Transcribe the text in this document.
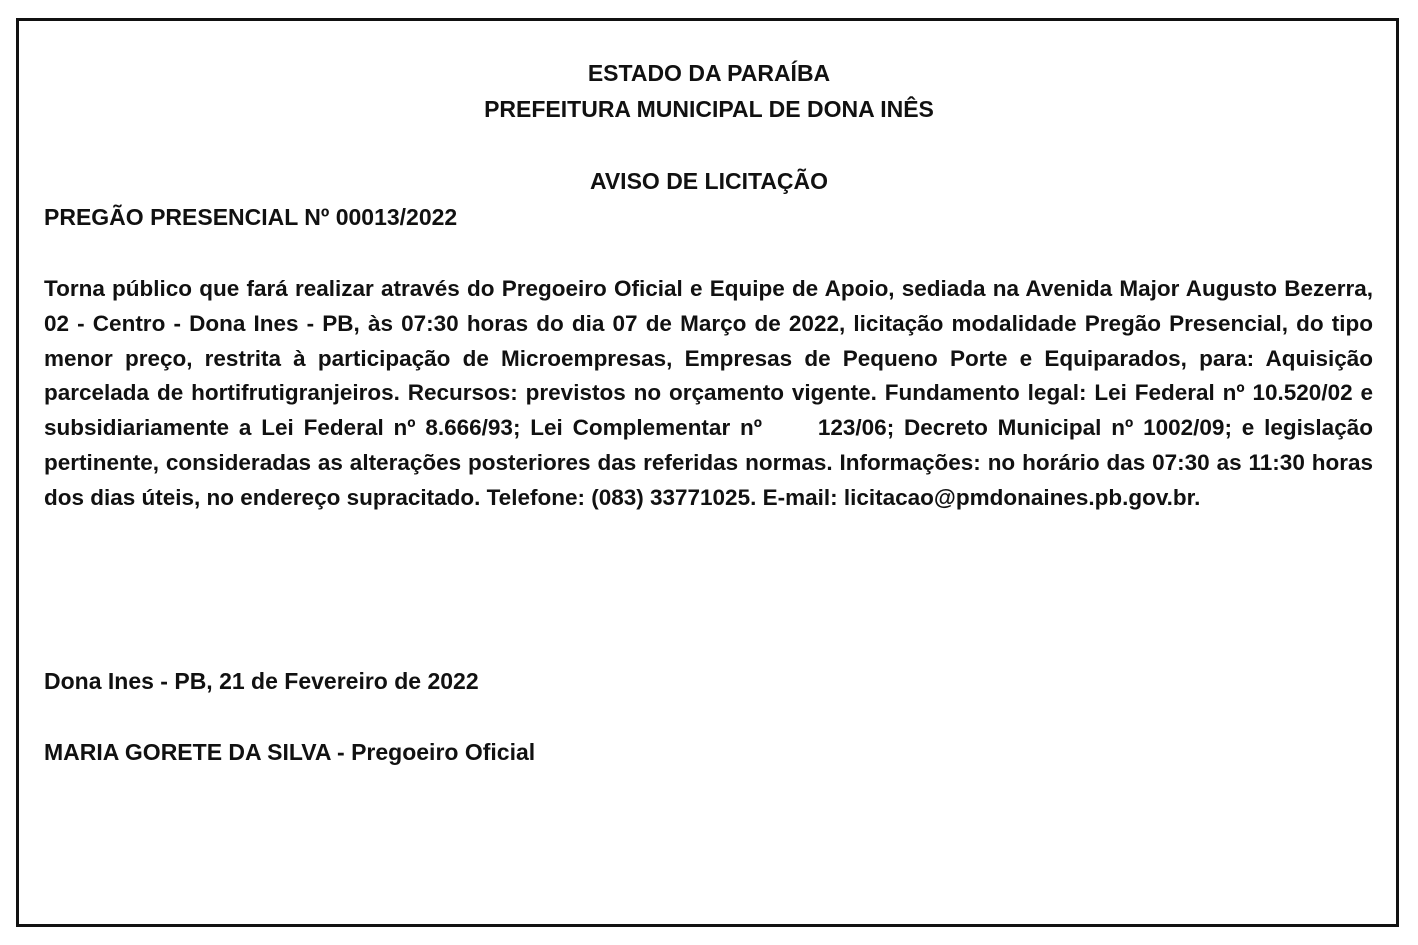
ESTADO DA PARAÍBA
PREFEITURA MUNICIPAL DE DONA INÊS
AVISO DE LICITAÇÃO
PREGÃO PRESENCIAL Nº 00013/2022

Torna público que fará realizar através do Pregoeiro Oficial e Equipe de Apoio, sediada na Avenida Major Augusto Bezerra, 02 - Centro - Dona Ines - PB, às 07:30 horas do dia 07 de Março de 2022, licitação modalidade Pregão Presencial, do tipo menor preço, restrita à participação de Microempresas, Empresas de Pequeno Porte e Equiparados, para: Aquisição parcelada de hortifrutigranjeiros. Recursos: previstos no orçamento vigente. Fundamento legal: Lei Federal nº 10.520/02 e subsidiariamente a Lei Federal nº 8.666/93; Lei Complementar nº 123/06; Decreto Municipal nº 1002/09; e legislação pertinente, consideradas as alterações posteriores das referidas normas. Informações: no horário das 07:30 as 11:30 horas dos dias úteis, no endereço supracitado. Telefone: (083) 33771025. E-mail: licitacao@pmdonaines.pb.gov.br.

Dona Ines - PB, 21 de Fevereiro de 2022
MARIA GORETE DA SILVA - Pregoeiro Oficial
